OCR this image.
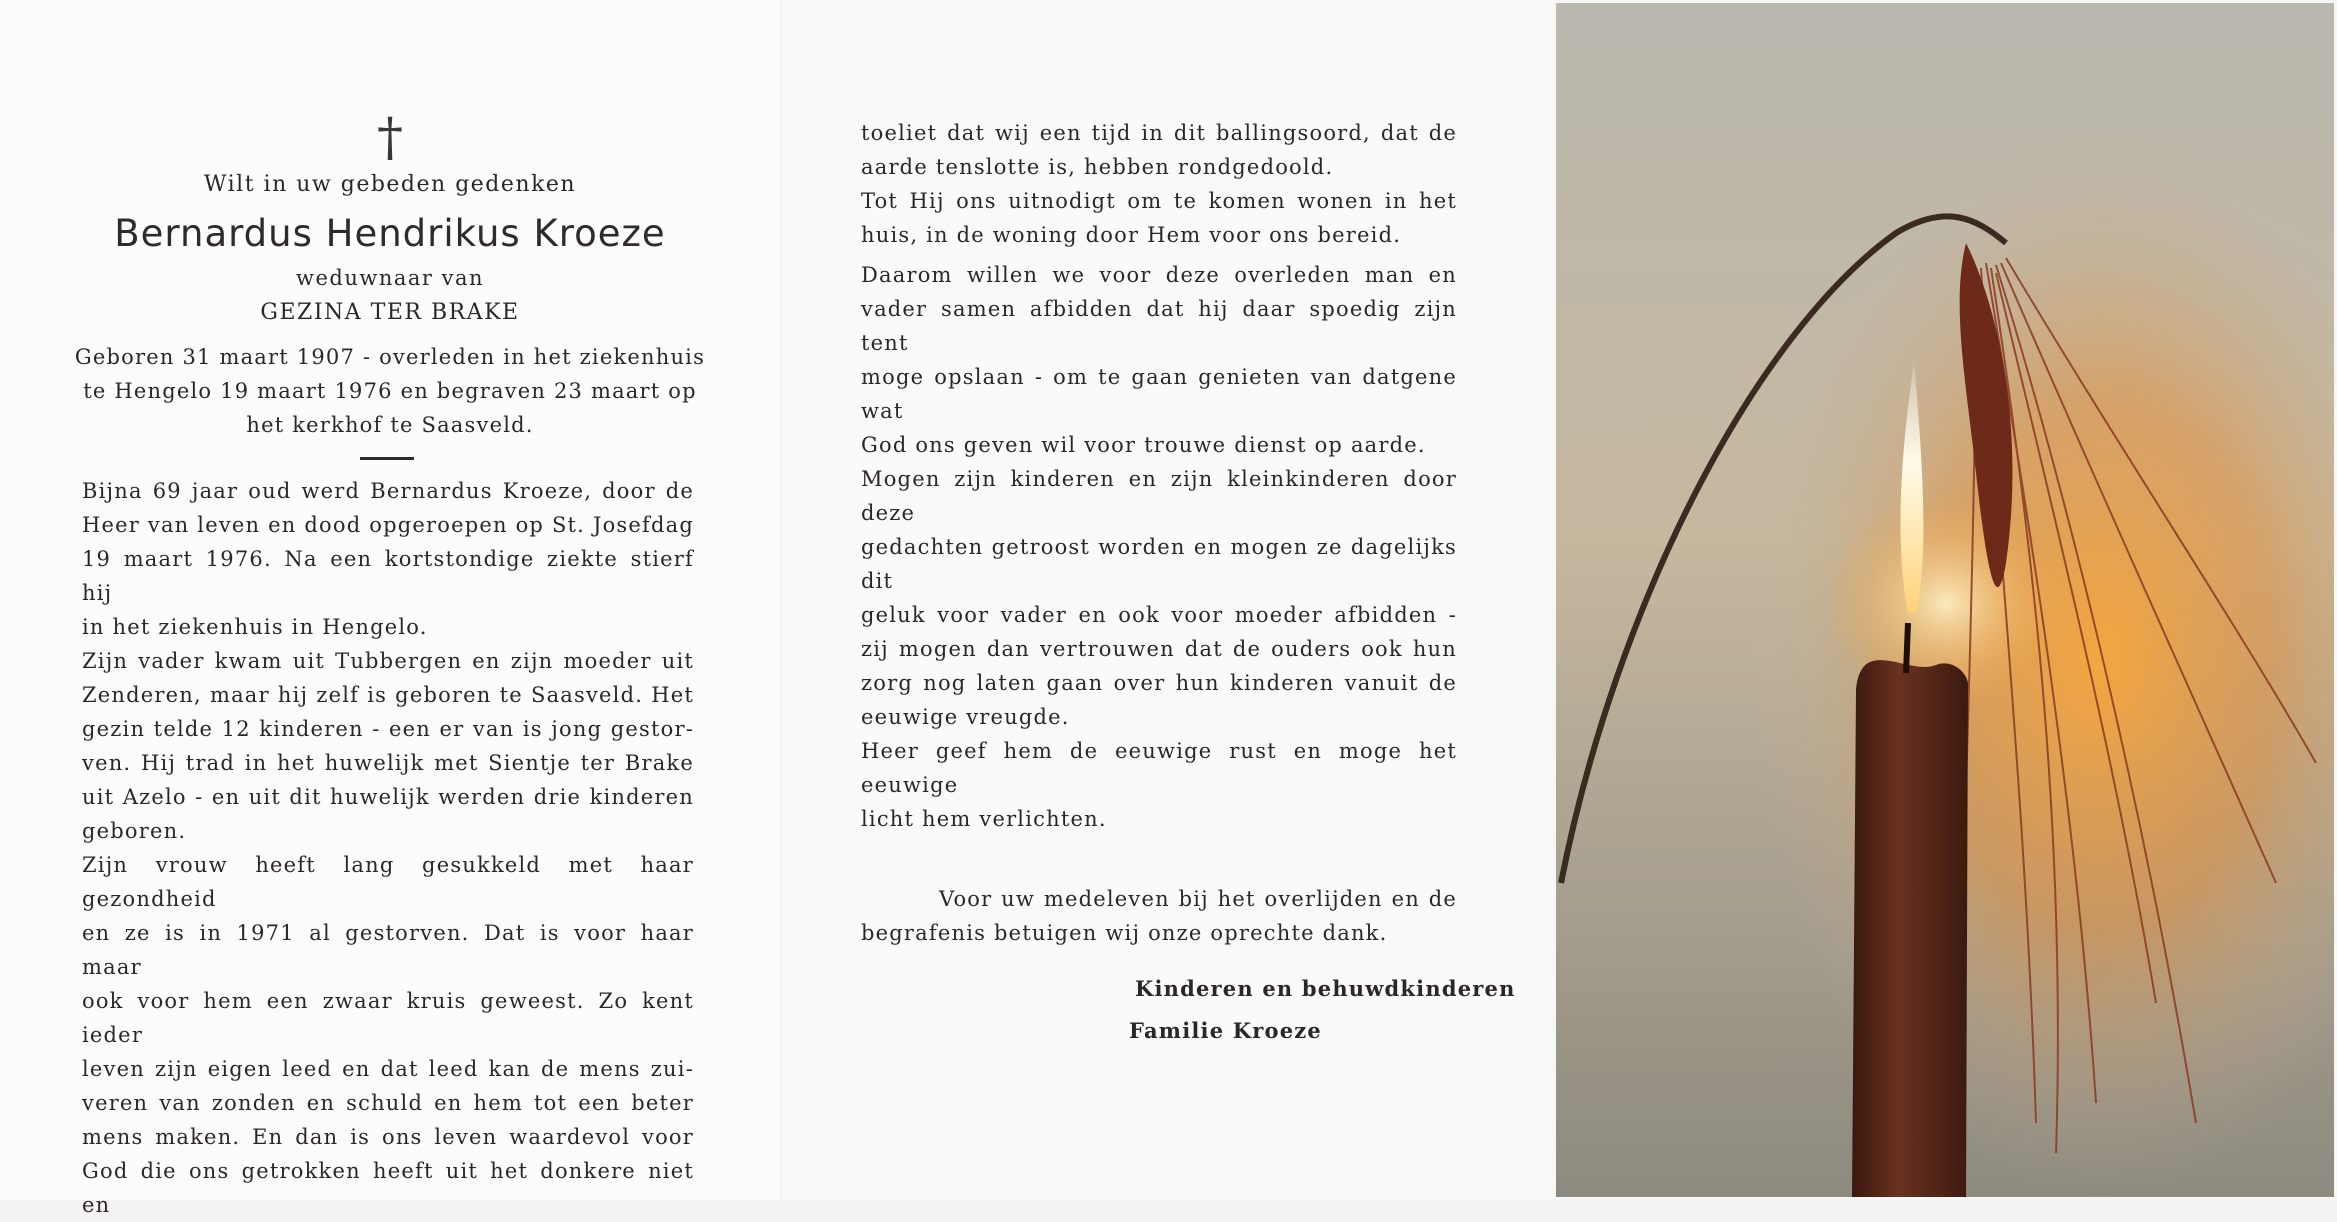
†
Wilt in uw gebeden gedenken
Bernardus Hendrikus Kroeze
weduwnaar van
GEZINA TER BRAKE
Geboren 31 maart 1907 - overleden in het ziekenhuis
te Hengelo 19 maart 1976 en begraven 23 maart op
het kerkhof te Saasveld.

Bijna 69 jaar oud werd Bernardus Kroeze, door de

Heer van leven en dood opgeroepen op St. Josefdag

19 maart 1976. Na een kortstondige ziekte stierf hij

in het ziekenhuis in Hengelo.

Zijn vader kwam uit Tubbergen en zijn moeder uit

Zenderen, maar hij zelf is geboren te Saasveld. Het

gezin telde 12 kinderen - een er van is jong gestor-

ven. Hij trad in het huwelijk met Sientje ter Brake

uit Azelo - en uit dit huwelijk werden drie kinderen

geboren.

Zijn vrouw heeft lang gesukkeld met haar gezondheid

en ze is in 1971 al gestorven. Dat is voor haar maar

ook voor hem een zwaar kruis geweest. Zo kent ieder

leven zijn eigen leed en dat leed kan de mens zui-

veren van zonden en schuld en hem tot een beter

mens maken. En dan is ons leven waardevol voor

God die ons getrokken heeft uit het donkere niet en

toeliet dat wij een tijd in dit ballingsoord, dat de

aarde tenslotte is, hebben rondgedoold.

Tot Hij ons uitnodigt om te komen wonen in het

huis, in de woning door Hem voor ons bereid.

Daarom willen we voor deze overleden man en

vader samen afbidden dat hij daar spoedig zijn tent

moge opslaan - om te gaan genieten van datgene wat

God ons geven wil voor trouwe dienst op aarde.

Mogen zijn kinderen en zijn kleinkinderen door deze

gedachten getroost worden en mogen ze dagelijks dit

geluk voor vader en ook voor moeder afbidden -

zij mogen dan vertrouwen dat de ouders ook hun

zorg nog laten gaan over hun kinderen vanuit de

eeuwige vreugde.

Heer geef hem de eeuwige rust en moge het eeuwige

licht hem verlichten.

Voor uw medeleven bij het overlijden en de
begrafenis betuigen wij onze oprechte dank.
Kinderen en behuwdkinderen
Familie Kroeze
